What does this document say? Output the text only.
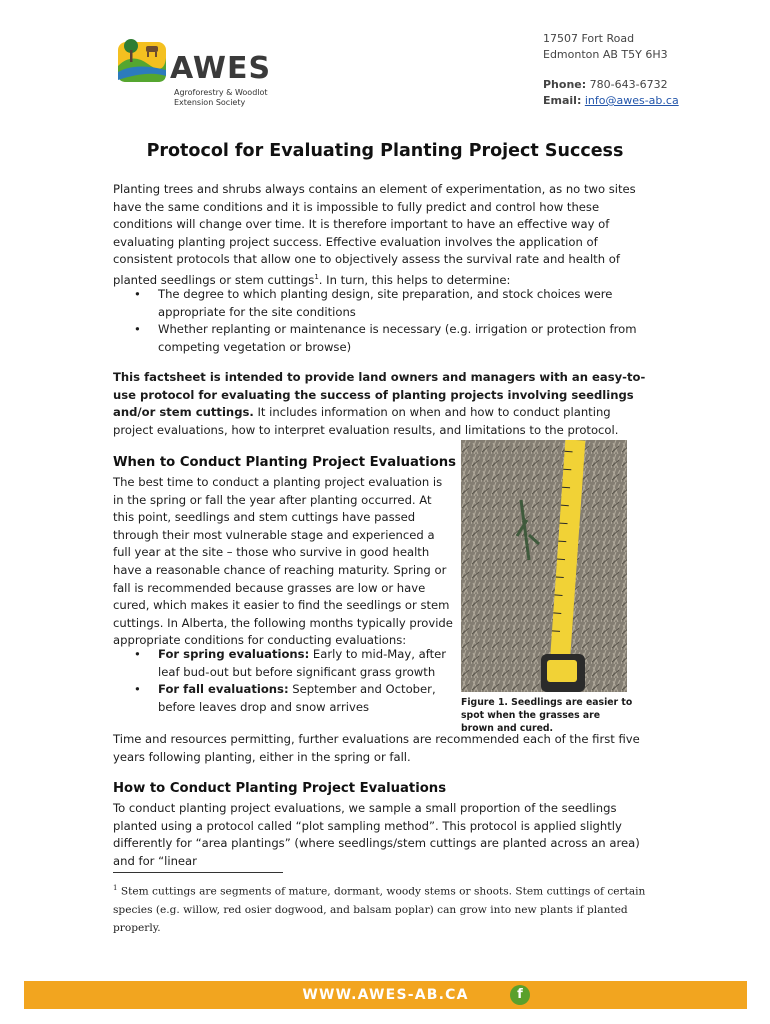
AWES
Agroforestry & Woodlot
Extension Society
17507 Fort Road
Edmonton AB T5Y 6H3
Phone: 780-643-6732
Email: info@awes-ab.ca
Protocol for Evaluating Planting Project Success
Planting trees and shrubs always contains an element of experimentation, as no two sites have the same conditions and it is impossible to fully predict and control how these conditions will change over time. It is therefore important to have an effective way of evaluating planting project success. Effective evaluation involves the application of consistent protocols that allow one to objectively assess the survival rate and health of planted seedlings or stem cuttings$^1$. In turn, this helps to determine:
• The degree to which planting design, site preparation, and stock choices were appropriate for the site conditions
• Whether replanting or maintenance is necessary (e.g. irrigation or protection from competing vegetation or browse)
This factsheet is intended to provide land owners and managers with an easy-to-use protocol for evaluating the success of planting projects involving seedlings and/or stem cuttings. It includes information on when and how to conduct planting project evaluations, how to interpret evaluation results, and limitations to the protocol.
When to Conduct Planting Project Evaluations
The best time to conduct a planting project evaluation is in the spring or fall the year after planting occurred. At this point, seedlings and stem cuttings have passed through their most vulnerable stage and experienced a full year at the site – those who survive in good health have a reasonable chance of reaching maturity. Spring or fall is recommended because grasses are low or have cured, which makes it easier to find the seedlings or stem cuttings. In Alberta, the following months typically provide appropriate conditions for conducting evaluations:
• For spring evaluations: Early to mid-May, after leaf bud-out but before significant grass growth
• For fall evaluations: September and October, before leaves drop and snow arrives	Figure 1. Seedlings are easier to spot when the grasses are brown and cured.
Time and resources permitting, further evaluations are recommended each of the first five years following planting, either in the spring or fall.
How to Conduct Planting Project Evaluations
To conduct planting project evaluations, we sample a small proportion of the seedlings planted using a protocol called “plot sampling method”. This protocol is applied slightly differently for “area plantings” (where seedlings/stem cuttings are planted across an area) and for “linear
$^1$ Stem cuttings are segments of mature, dormant, woody stems or shoots. Stem cuttings of certain species (e.g. willow, red osier dogwood, and balsam poplar) can grow into new plants if planted properly.
WWW.AWES-AB.CA	f
